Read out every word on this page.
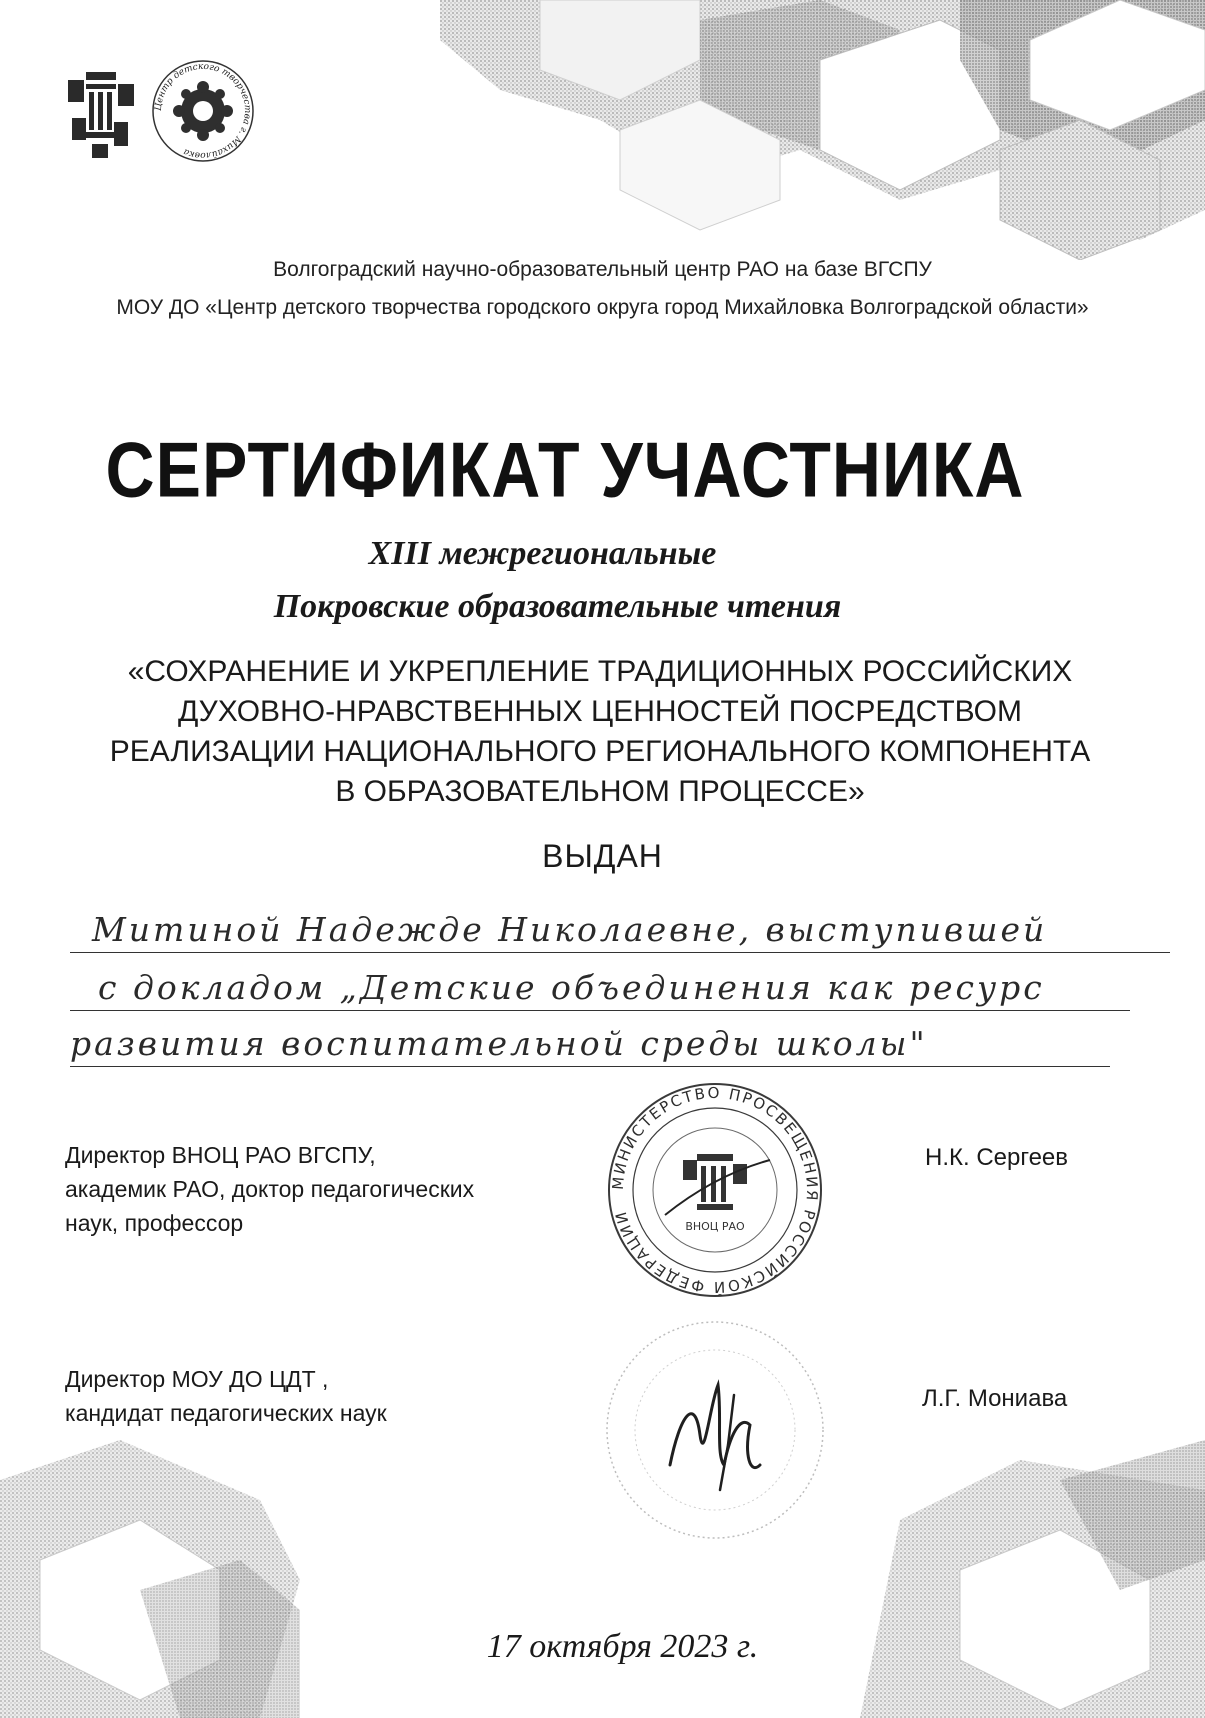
Центр детского творчества г. Михайловка
Волгоградский научно-образовательный центр РАО на базе ВГСПУ
МОУ ДО «Центр детского творчества городского округа город Михайловка Волгоградской области»
СЕРТИФИКАТ УЧАСТНИКА
XIII межрегиональные
Покровские образовательные чтения
«СОХРАНЕНИЕ И УКРЕПЛЕНИЕ ТРАДИЦИОННЫХ РОССИЙСКИХ
ДУХОВНО-НРАВСТВЕННЫХ ЦЕННОСТЕЙ ПОСРЕДСТВОМ
РЕАЛИЗАЦИИ НАЦИОНАЛЬНОГО РЕГИОНАЛЬНОГО КОМПОНЕНТА
В ОБРАЗОВАТЕЛЬНОМ ПРОЦЕССЕ»
ВЫДАН
Митиной Надежде Николаевне, выступившей
с докладом „Детские объединения как ресурс
развития воспитательной среды школы"
Директор ВНОЦ РАО ВГСПУ,
академик РАО, доктор педагогических
наук, профессор
Н.К. Сергеев
МИНИСТЕРСТВО ПРОСВЕЩЕНИЯ РОССИЙСКОЙ ФЕДЕРАЦИИ
ВНОЦ РАО
Директор МОУ ДО ЦДТ ,
кандидат педагогических наук
Л.Г. Мониава
17 октября 2023 г.
